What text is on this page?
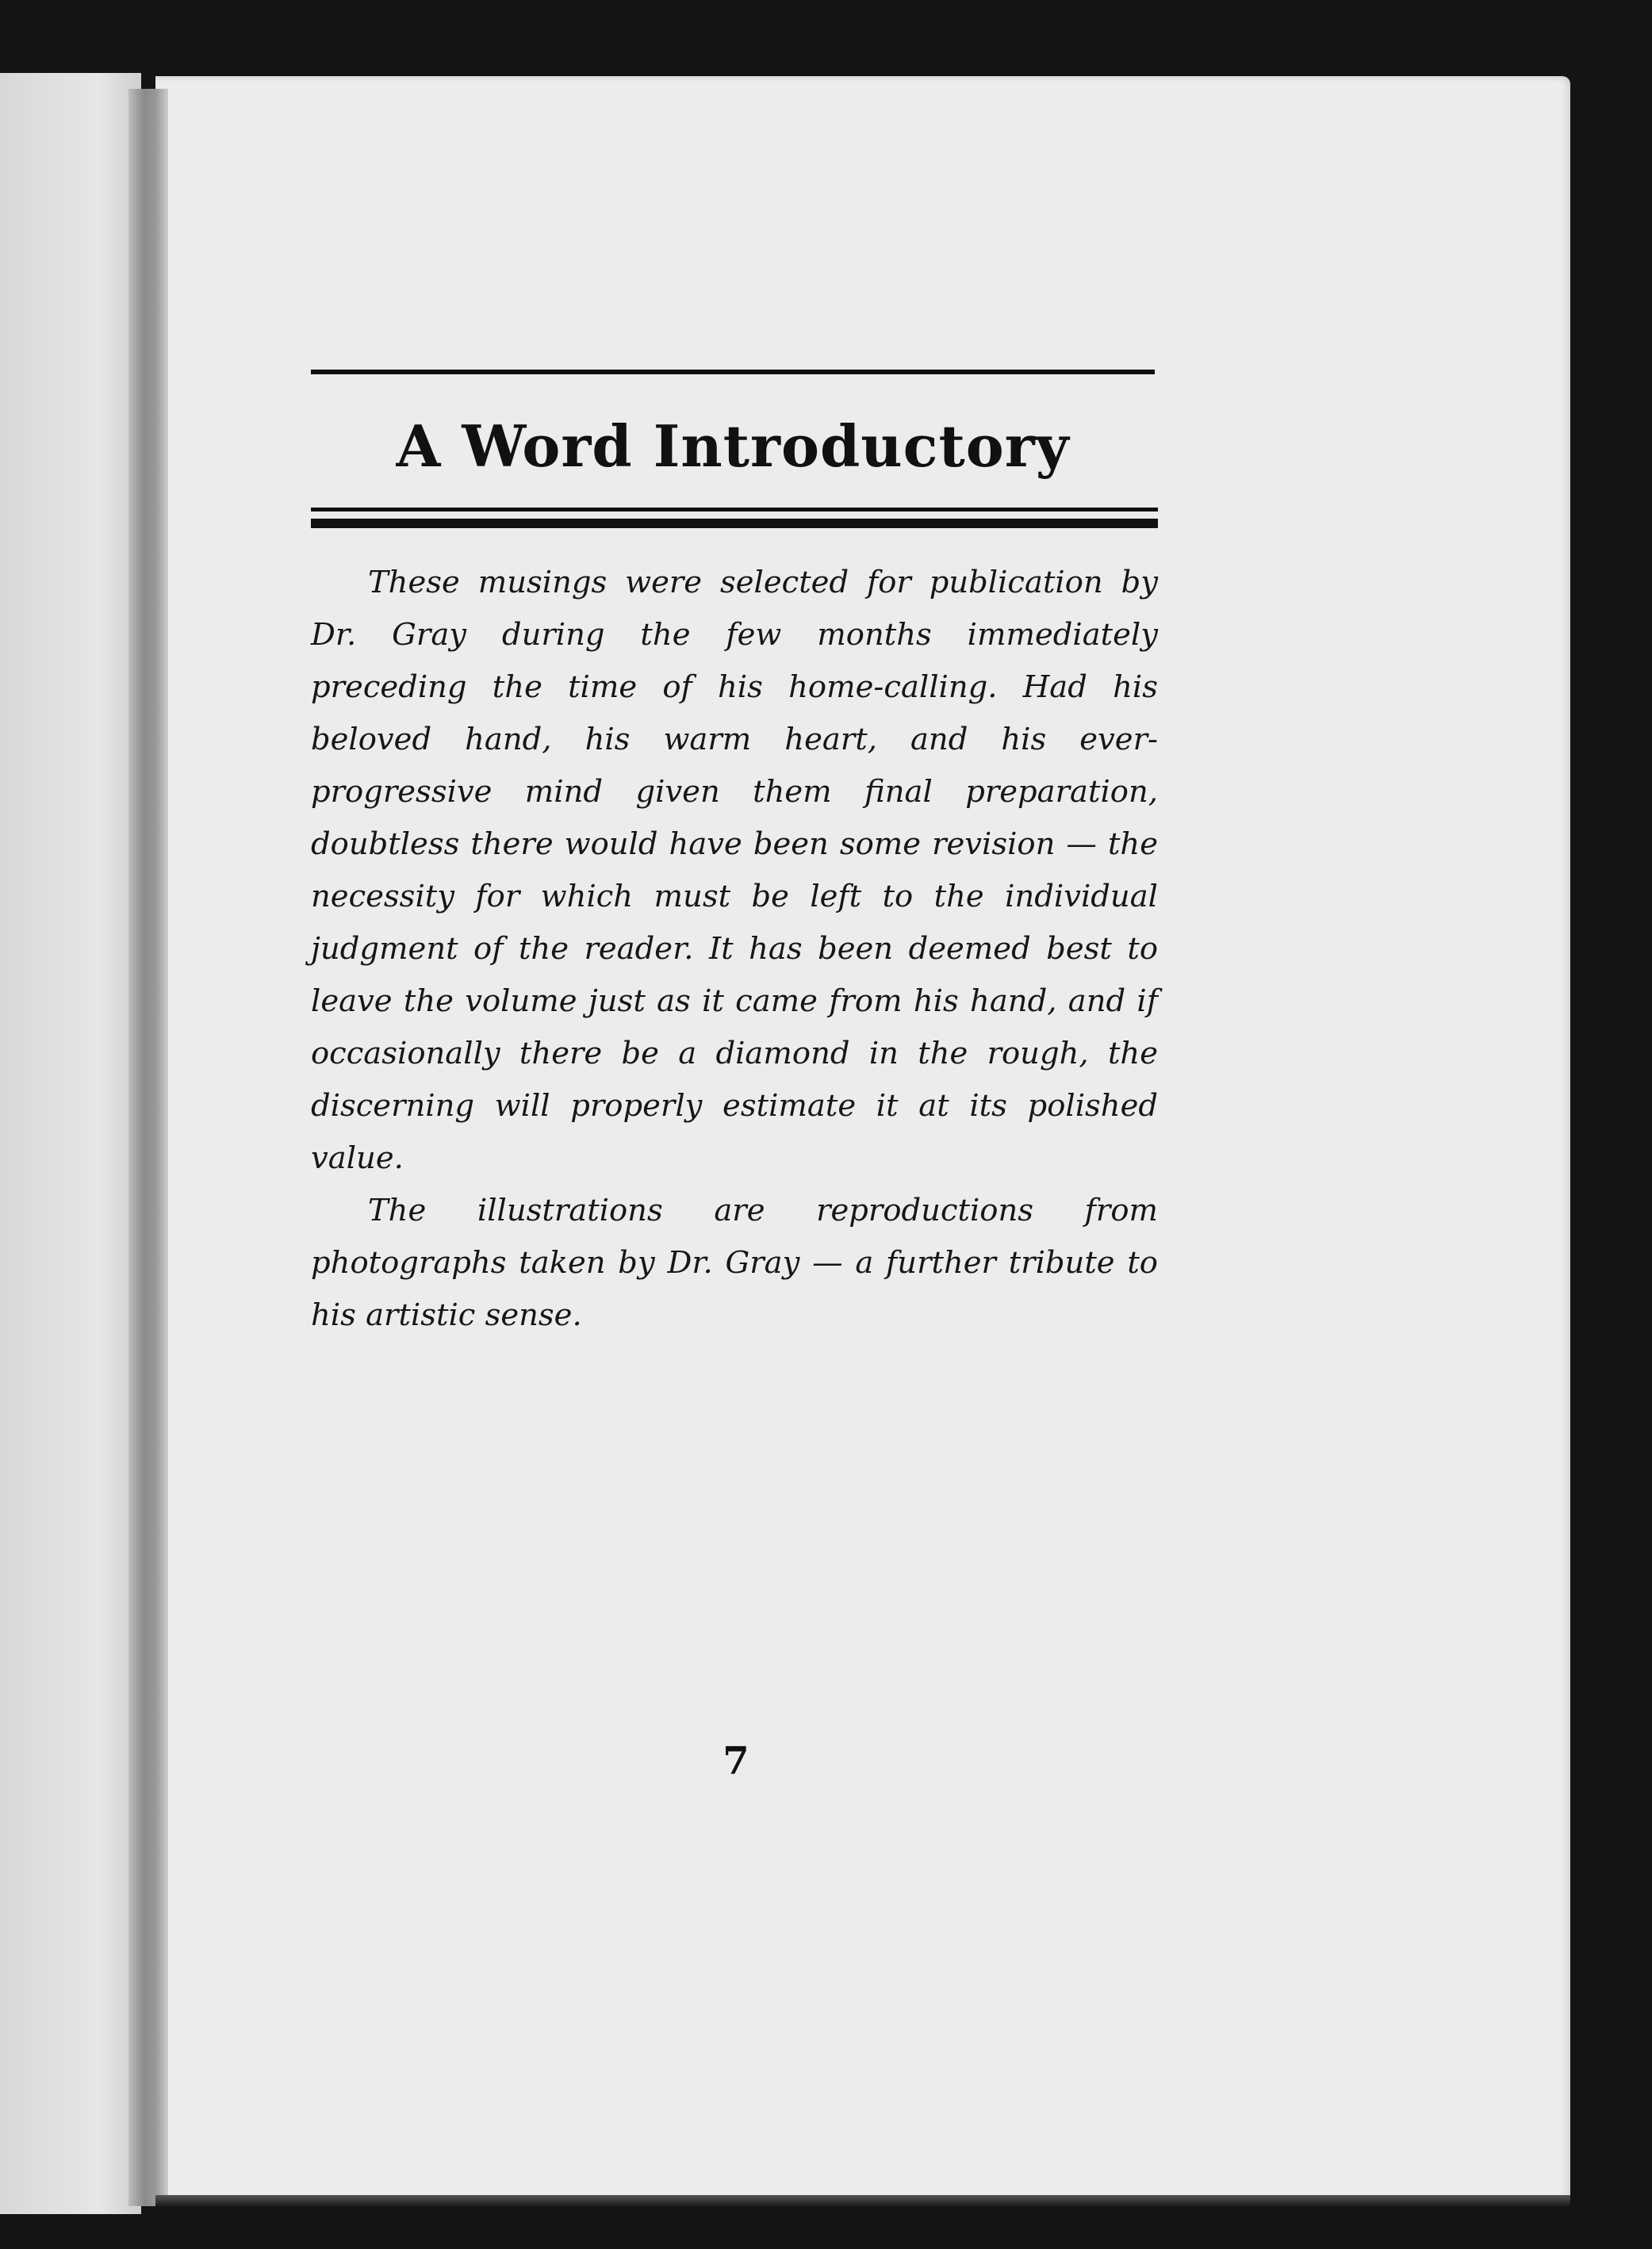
A Word Introductory

These musings were selected for publication by Dr. Gray during the few months immediately preceding the time of his home-calling. Had his beloved hand, his warm heart, and his ever-progressive mind given them final preparation, doubtless there would have been some revision — the necessity for which must be left to the individual judgment of the reader. It has been deemed best to leave the volume just as it came from his hand, and if occasionally there be a diamond in the rough, the discerning will properly estimate it at its polished value.

The illustrations are reproductions from photographs taken by Dr. Gray — a further tribute to his artistic sense.

7
